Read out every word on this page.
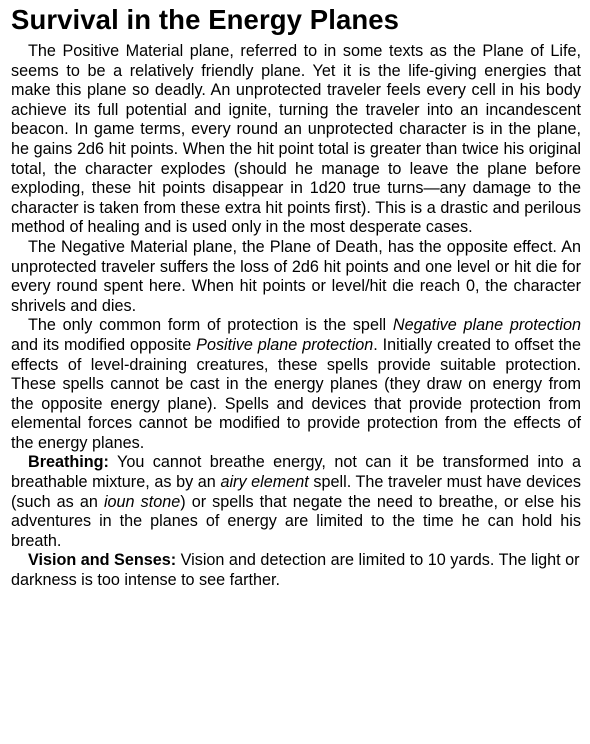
Survival in the Energy Planes

The Positive Material plane, referred to in some texts as the Plane of Life, seems to be a relatively friendly plane. Yet it is the life-giving energies that make this plane so deadly. An unprotected traveler feels every cell in his body achieve its full potential and ignite, turning the traveler into an incandescent beacon. In game terms, every round an unprotected character is in the plane, he gains 2d6 hit points. When the hit point total is greater than twice his original total, the character explodes (should he manage to leave the plane before exploding, these hit points disappear in 1d20 true turns—any damage to the character is taken from these extra hit points first). This is a drastic and perilous method of healing and is used only in the most desperate cases.

The Negative Material plane, the Plane of Death, has the opposite effect. An unprotected traveler suffers the loss of 2d6 hit points and one level or hit die for every round spent here. When hit points or level/hit die reach 0, the character shrivels and dies.

The only common form of protection is the spell Negative plane protection and its modified opposite Positive plane protection. Initially created to offset the effects of level-draining creatures, these spells provide suitable protection. These spells cannot be cast in the energy planes (they draw on energy from the opposite energy plane). Spells and devices that provide protection from elemental forces cannot be modified to provide protection from the effects of the energy planes.

Breathing: You cannot breathe energy, not can it be transformed into a breathable mixture, as by an airy element spell. The traveler must have devices (such as an ioun stone) or spells that negate the need to breathe, or else his adventures in the planes of energy are limited to the time he can hold his breath.

Vision and Senses: Vision and detection are limited to 10 yards. The light or darkness is too intense to see farther.
